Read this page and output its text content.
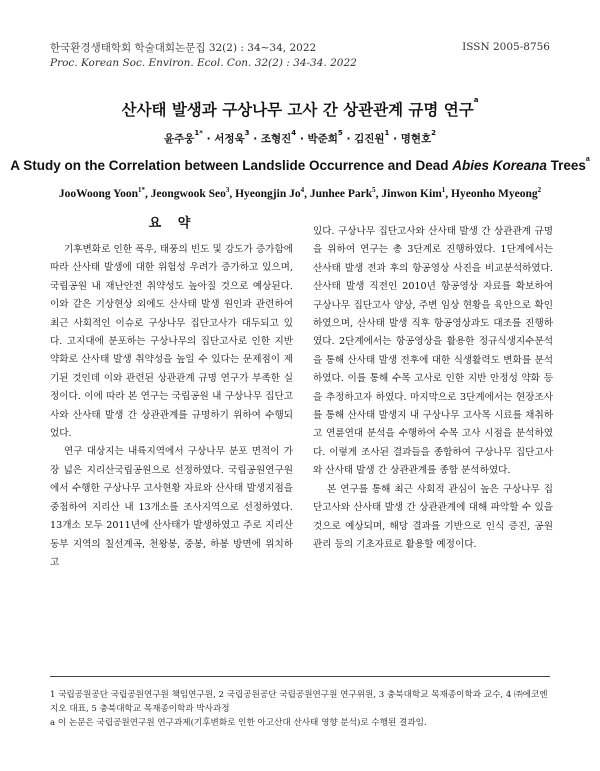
한국환경생태학회 학술대회논문집 32(2) : 34∼34, 2022
Proc. Korean Soc. Environ. Ecol. Con. 32(2) : 34-34. 2022
ISSN 2005-8756
산사태 발생과 구상나무 고사 간 상관관계 규명 연구$^a$
윤주웅$^{1*}$ · 서정욱$^3$ · 조형진$^4$ · 박준희$^5$ · 김진원$^1$ · 명현호$^2$
A Study on the Correlation between Landslide Occurrence and Dead Abies Koreana Trees$^a$
JooWoong Yoon$^{1*}$, Jeongwook Seo$^3$, Hyeongjin Jo$^4$, Junhee Park$^5$, Jinwon Kim$^1$, Hyeonho Myeong$^2$
요 약

기후변화로 인한 폭우, 태풍의 빈도 및 강도가 증가함에 따라 산사태 발생에 대한 위험성 우려가 증가하고 있으며, 국립공원 내 재난안전 취약성도 높아질 것으로 예상된다. 이와 같은 기상현상 외에도 산사태 발생 원인과 관련하여 최근 사회적인 이슈로 구상나무 집단고사가 대두되고 있다. 고지대에 분포하는 구상나무의 집단고사로 인한 지반 약화로 산사태 발생 취약성을 높일 수 있다는 문제점이 제기된 것인데 이와 관련된 상관관계 규명 연구가 부족한 실정이다. 이에 따라 본 연구는 국립공원 내 구상나무 집단고사와 산사태 발생 간 상관관계를 규명하기 위하여 수행되었다.

연구 대상지는 내륙지역에서 구상나무 분포 면적이 가장 넓은 지리산국립공원으로 선정하였다. 국립공원연구원에서 수행한 구상나무 고사현황 자료와 산사태 발생지점을 중첩하여 지리산 내 13개소를 조사지역으로 선정하였다. 13개소 모두 2011년에 산사태가 발생하였고 주로 지리산 동부 지역의 칠선계곡, 천왕봉, 중봉, 하봉 방면에 위치하고

있다. 구상나무 집단고사와 산사태 발생 간 상관관계 규명을 위하여 연구는 총 3단계로 진행하였다. 1단계에서는 산사태 발생 전과 후의 항공영상 사진을 비교분석하였다. 산사태 발생 직전인 2010년 항공영상 자료를 확보하여 구상나무 집단고사 양상, 주변 임상 현황을 육안으로 확인하였으며, 산사태 발생 직후 항공영상과도 대조를 진행하였다. 2단계에서는 항공영상을 활용한 정규식생지수분석을 통해 산사태 발생 전후에 대한 식생활력도 변화를 분석하였다. 이를 통해 수목 고사로 인한 지반 안정성 약화 등을 추정하고자 하였다. 마지막으로 3단계에서는 현장조사를 통해 산사태 발생지 내 구상나무 고사목 시료를 채취하고 연륜연대 분석을 수행하여 수목 고사 시점을 분석하였다. 이렇게 조사된 결과들을 종합하여 구상나무 집단고사와 산사태 발생 간 상관관계를 종합 분석하였다.

본 연구를 통해 최근 사회적 관심이 높은 구상나무 집단고사와 산사태 발생 간 상관관계에 대해 파악할 수 있을 것으로 예상되며, 해당 결과를 기반으로 인식 증진, 공원관리 등의 기초자료로 활용할 예정이다.

1 국립공원공단 국립공원연구원 책임연구원, 2 국립공원공단 국립공원연구원 연구위원, 3 충북대학교 목재종이학과 교수, 4 ㈜에코엔지오 대표, 5 충북대학교 목재종이학과 박사과정
a 이 논문은 국립공원연구원 연구과제(기후변화로 인한 아고산대 산사태 영향 분석)로 수행된 결과임.
